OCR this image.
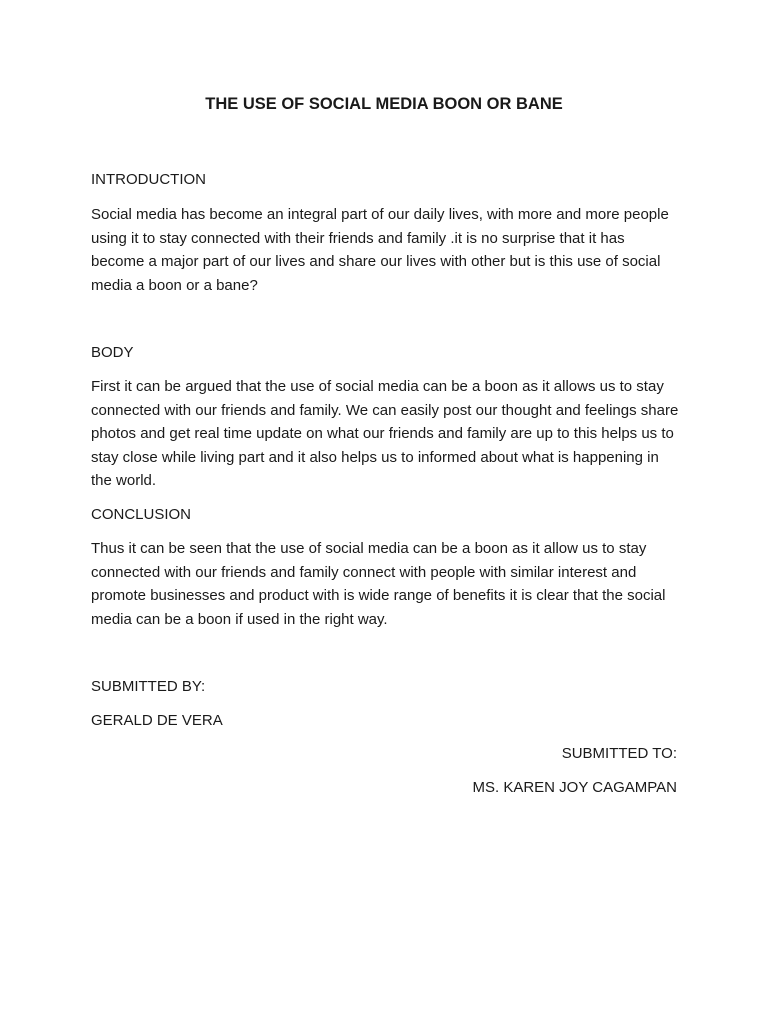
THE USE OF SOCIAL MEDIA BOON OR BANE

INTRODUCTION

Social media has become an integral part of our daily lives, with more and more people using it to stay connected with their friends and family .it is no surprise that it has become a major part of our lives and share our lives with other but is this use of social media a boon or a bane?

BODY

First it can be argued that the use of social media can be a boon as it allows us to stay connected with our friends and family. We can easily post our thought and feelings share photos and get real time update on what our friends and family are up to this helps us to stay close while living part and it also helps us to informed about what is happening in the world.

CONCLUSION

Thus it can be seen that the use of social media can be a boon as it allow us to stay connected with our friends and family connect with people with similar interest and promote businesses and product with is wide range of benefits it is clear that the social media can be a boon if used in the right way.

SUBMITTED BY:

GERALD DE VERA

SUBMITTED TO:

MS. KAREN JOY CAGAMPAN
